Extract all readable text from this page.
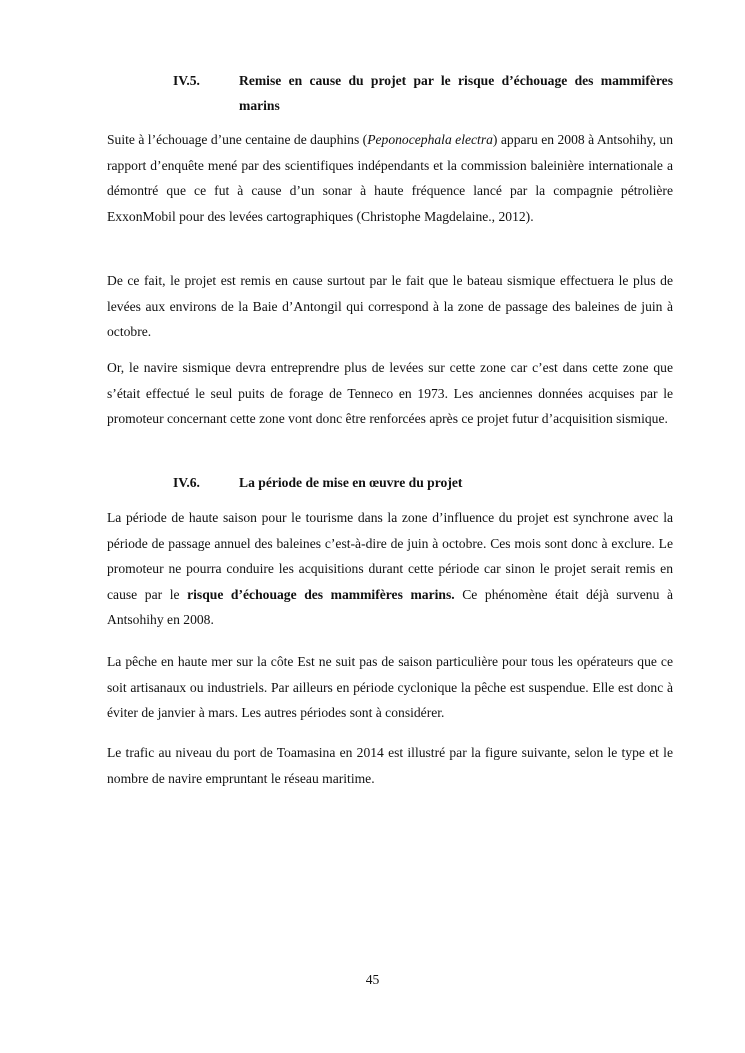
IV.5.	Remise en cause du projet par le risque d’échouage des mammifères marins

Suite à l’échouage d’une centaine de dauphins (Peponocephala electra) apparu en 2008 à Antsohihy, un rapport d’enquête mené par des scientifiques indépendants et la commission baleinière internationale a démontré que ce fut à cause d’un sonar à haute fréquence lancé par la compagnie pétrolière ExxonMobil pour des levées cartographiques (Christophe Magdelaine., 2012).

De ce fait, le projet est remis en cause surtout par le fait que le bateau sismique effectuera le plus de levées aux environs de la Baie d’Antongil qui correspond à la zone de passage des baleines de juin à octobre.

Or, le navire sismique devra entreprendre plus de levées sur cette zone car c’est dans cette zone que s’était effectué le seul puits de forage de Tenneco en 1973. Les anciennes données acquises par le promoteur concernant cette zone vont donc être renforcées après ce projet futur d’acquisition sismique.

IV.6.	La période de mise en œuvre du projet

La période de haute saison pour le tourisme dans la zone d’influence du projet est synchrone avec la période de passage annuel des baleines c’est-à-dire de juin à octobre. Ces mois sont donc à exclure. Le promoteur ne pourra conduire les acquisitions durant cette période car sinon le projet serait remis en cause par le risque d’échouage des mammifères marins. Ce phénomène était déjà survenu à Antsohihy en 2008.

La pêche en haute mer sur la côte Est ne suit pas de saison particulière pour tous les opérateurs que ce soit artisanaux ou industriels. Par ailleurs en période cyclonique la pêche est suspendue. Elle est donc à éviter de janvier à mars. Les autres périodes sont à considérer.

Le trafic au niveau du port de Toamasina en 2014 est illustré par la figure suivante, selon le type et le nombre de navire empruntant le réseau maritime.

45
